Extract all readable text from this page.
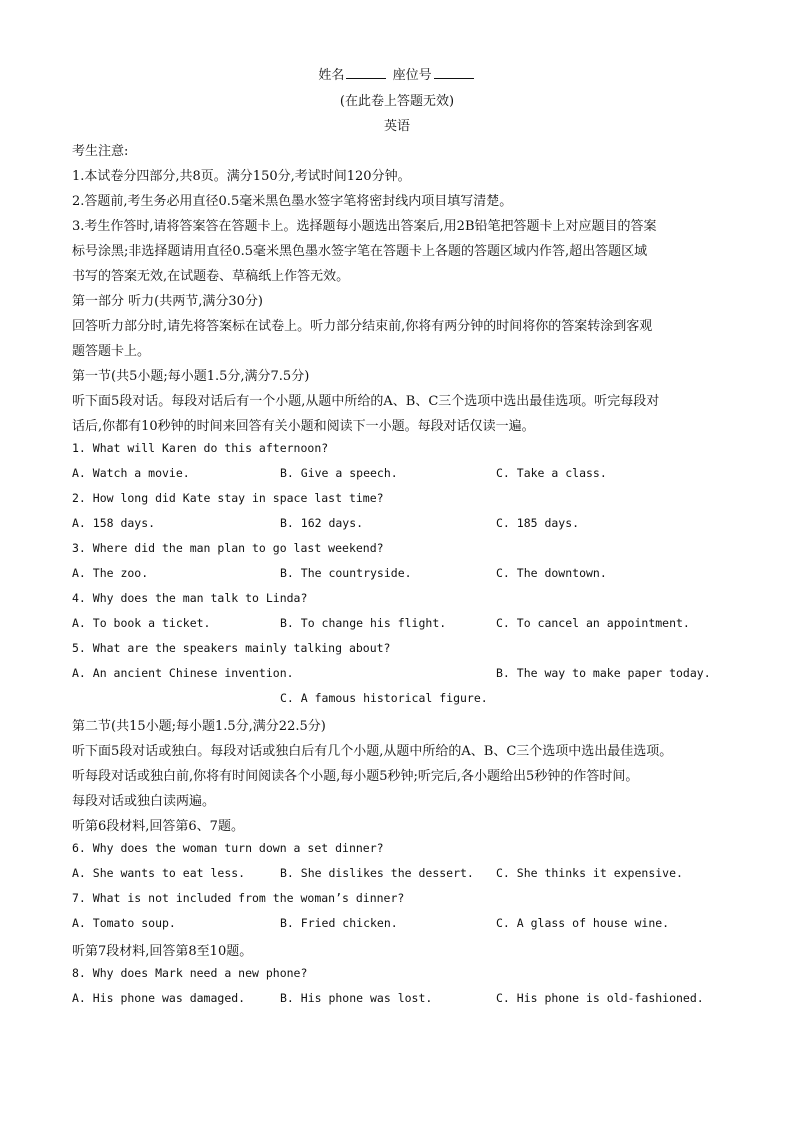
姓名	座位号
(在此卷上答题无效)
英语
考生注意:
1.本试卷分四部分,共8页。满分150分,考试时间120分钟。
2.答题前,考生务必用直径0.5毫米黑色墨水签字笔将密封线内项目填写清楚。
3.考生作答时,请将答案答在答题卡上。选择题每小题选出答案后,用2B铅笔把答题卡上对应题目的答案
标号涂黑;非选择题请用直径0.5毫米黑色墨水签字笔在答题卡上各题的答题区域内作答,超出答题区域
书写的答案无效,在试题卷、草稿纸上作答无效。
第一部分 听力(共两节,满分30分)
回答听力部分时,请先将答案标在试卷上。听力部分结束前,你将有两分钟的时间将你的答案转涂到客观
题答题卡上。
第一节(共5小题;每小题1.5分,满分7.5分)
听下面5段对话。每段对话后有一个小题,从题中所给的A、B、C三个选项中选出最佳选项。听完每段对
话后,你都有10秒钟的时间来回答有关小题和阅读下一小题。每段对话仅读一遍。
1. What will Karen do this afternoon?
A. Watch a movie.	B. Give a speech.	C. Take a class.
2. How long did Kate stay in space last time?
A. 158 days.	B. 162 days.	C. 185 days.
3. Where did the man plan to go last weekend?
A. The zoo.	B. The countryside.	C. The downtown.
4. Why does the man talk to Linda?
A. To book a ticket.	B. To change his flight.	C. To cancel an appointment.
5. What are the speakers mainly talking about?
A. An ancient Chinese invention.	B. The way to make paper today.
C. A famous historical figure.
第二节(共15小题;每小题1.5分,满分22.5分)
听下面5段对话或独白。每段对话或独白后有几个小题,从题中所给的A、B、C三个选项中选出最佳选项。
听每段对话或独白前,你将有时间阅读各个小题,每小题5秒钟;听完后,各小题给出5秒钟的作答时间。
每段对话或独白读两遍。
听第6段材料,回答第6、7题。
6. Why does the woman turn down a set dinner?
A. She wants to eat less.	B. She dislikes the dessert. C. She thinks it expensive.
7. What is not included from the woman’s dinner?
A. Tomato soup.	B. Fried chicken.	C. A glass of house wine.
听第7段材料,回答第8至10题。
8. Why does Mark need a new phone?
A. His phone was damaged.	B. His phone was lost.	C. His phone is old-fashioned.
